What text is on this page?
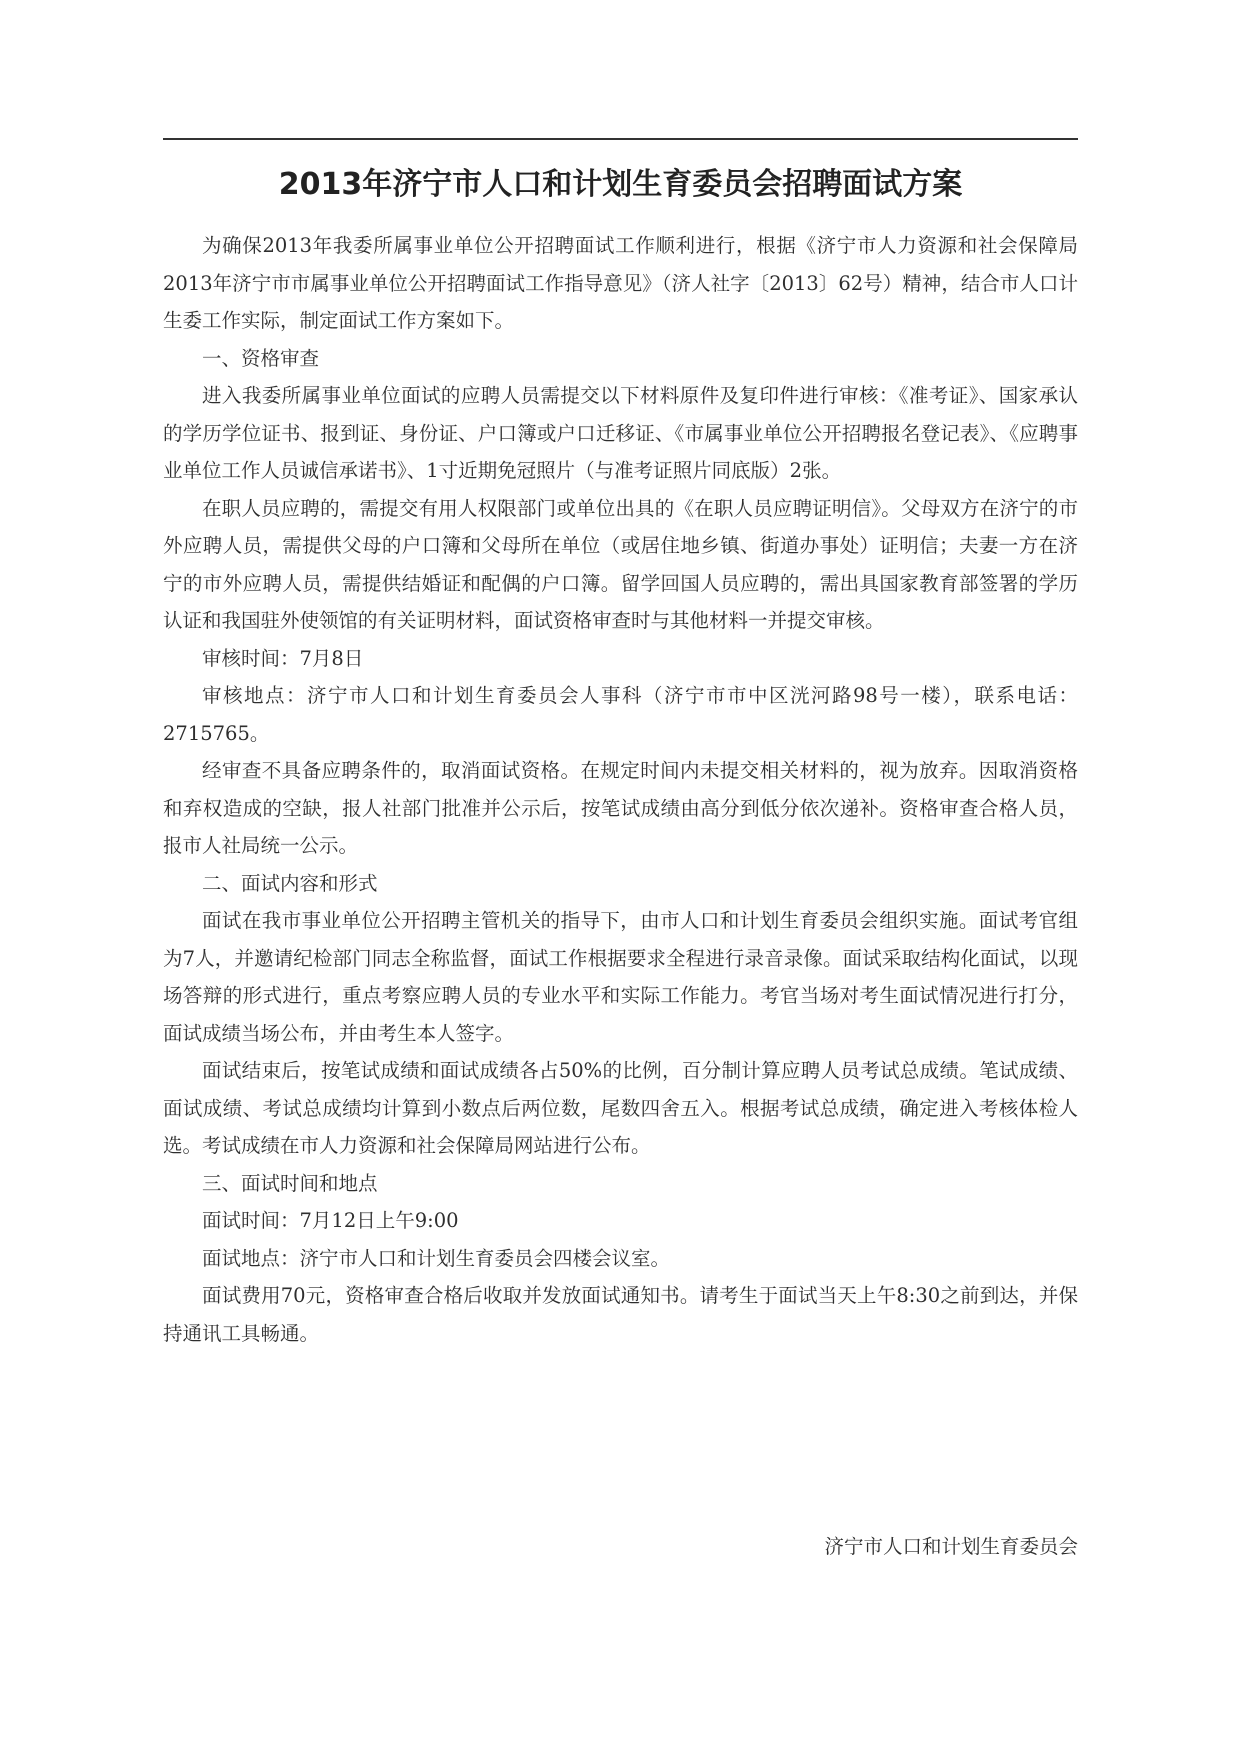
2013年济宁市人口和计划生育委员会招聘面试方案

为确保2013年我委所属事业单位公开招聘面试工作顺利进行，根据《济宁市人力资源和社会保障局2013年济宁市市属事业单位公开招聘面试工作指导意见》（济人社字〔2013〕62号）精神，结合市人口计生委工作实际，制定面试工作方案如下。

一、资格审查

进入我委所属事业单位面试的应聘人员需提交以下材料原件及复印件进行审核：《准考证》、国家承认的学历学位证书、报到证、身份证、户口簿或户口迁移证、《市属事业单位公开招聘报名登记表》、《应聘事业单位工作人员诚信承诺书》、1寸近期免冠照片（与准考证照片同底版）2张。

在职人员应聘的，需提交有用人权限部门或单位出具的《在职人员应聘证明信》。父母双方在济宁的市外应聘人员，需提供父母的户口簿和父母所在单位（或居住地乡镇、街道办事处）证明信；夫妻一方在济宁的市外应聘人员，需提供结婚证和配偶的户口簿。留学回国人员应聘的，需出具国家教育部签署的学历认证和我国驻外使领馆的有关证明材料，面试资格审查时与其他材料一并提交审核。

审核时间：7月8日

审核地点：济宁市人口和计划生育委员会人事科（济宁市市中区洸河路98号一楼），联系电话：2715765。

经审查不具备应聘条件的，取消面试资格。在规定时间内未提交相关材料的，视为放弃。因取消资格和弃权造成的空缺，报人社部门批准并公示后，按笔试成绩由高分到低分依次递补。资格审查合格人员，报市人社局统一公示。

二、面试内容和形式

面试在我市事业单位公开招聘主管机关的指导下，由市人口和计划生育委员会组织实施。面试考官组为7人，并邀请纪检部门同志全称监督，面试工作根据要求全程进行录音录像。面试采取结构化面试，以现场答辩的形式进行，重点考察应聘人员的专业水平和实际工作能力。考官当场对考生面试情况进行打分，面试成绩当场公布，并由考生本人签字。

面试结束后，按笔试成绩和面试成绩各占50%的比例，百分制计算应聘人员考试总成绩。笔试成绩、面试成绩、考试总成绩均计算到小数点后两位数，尾数四舍五入。根据考试总成绩，确定进入考核体检人选。考试成绩在市人力资源和社会保障局网站进行公布。

三、面试时间和地点

面试时间：7月12日上午9:00

面试地点：济宁市人口和计划生育委员会四楼会议室。

面试费用70元，资格审查合格后收取并发放面试通知书。请考生于面试当天上午8:30之前到达，并保持通讯工具畅通。

济宁市人口和计划生育委员会
